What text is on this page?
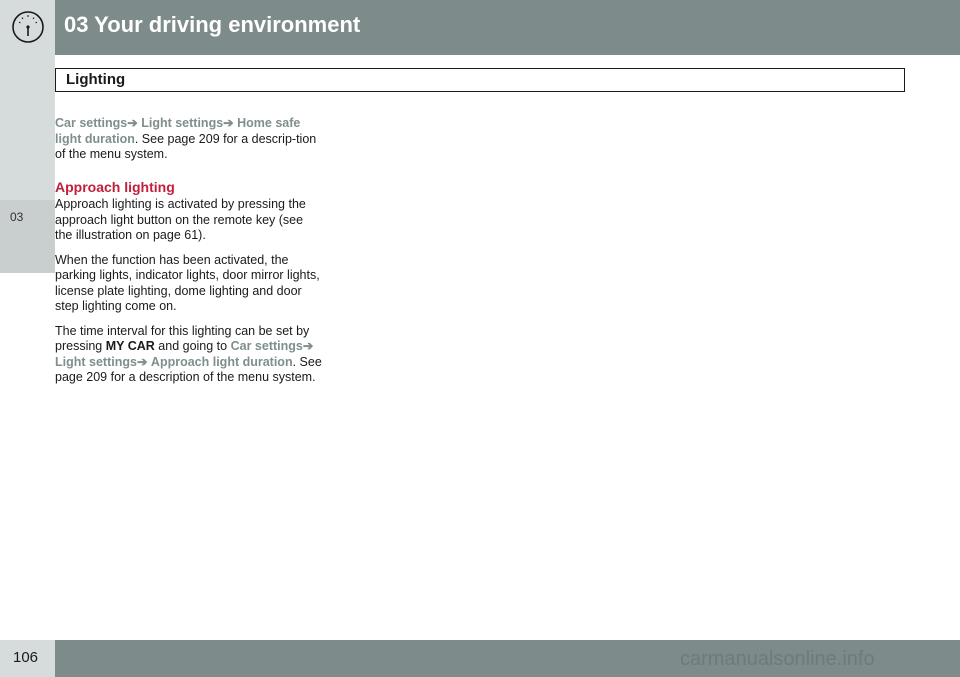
03 Your driving environment
Lighting
03

Car settings➔ Light settings➔ Home safe light duration. See page 209 for a descrip-tion of the menu system.

Approach lighting

Approach lighting is activated by pressing the approach light button on the remote key (see the illustration on page 61).

When the function has been activated, the parking lights, indicator lights, door mirror lights, license plate lighting, dome lighting and door step lighting come on.

The time interval for this lighting can be set by pressing MY CAR and going to Car settings➔ Light settings➔ Approach light duration. See page 209 for a description of the menu system.

106	carmanualsonline.info
